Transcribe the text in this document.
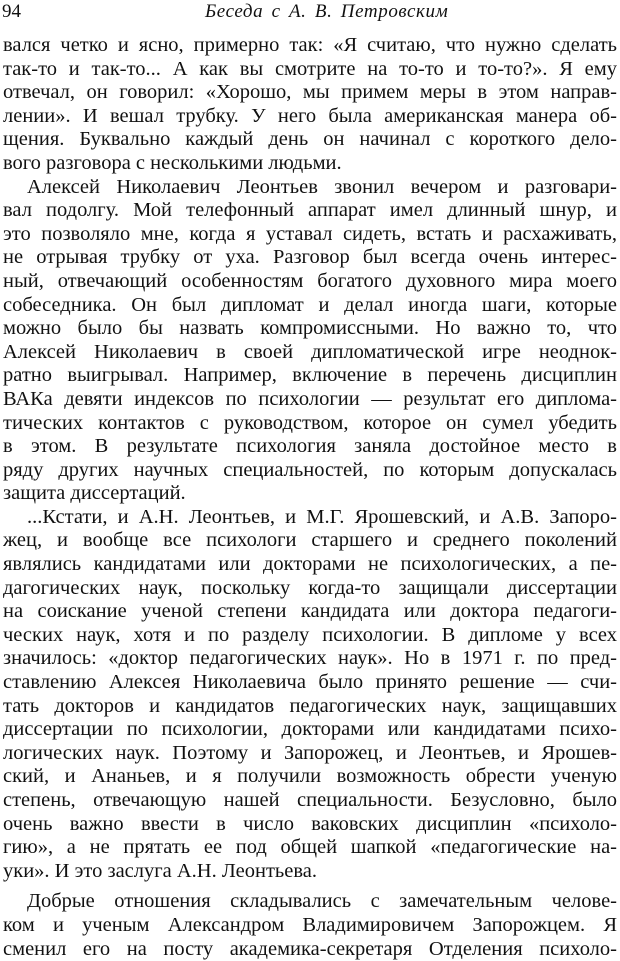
94	Беседа с А. В. Петровским
вался четко и ясно, примерно так: «Я считаю, что нужно сделать
так-то и так-то... А как вы смотрите на то-то и то-то?». Я ему
отвечал, он говорил: «Хорошо, мы примем меры в этом направ-
лении». И вешал трубку. У него была американская манера об-
щения. Буквально каждый день он начинал с короткого дело-
вого разговора с несколькими людьми.
Алексей Николаевич Леонтьев звонил вечером и разговари-
вал подолгу. Мой телефонный аппарат имел длинный шнур, и
это позволяло мне, когда я уставал сидеть, встать и расхаживать,
не отрывая трубку от уха. Разговор был всегда очень интерес-
ный, отвечающий особенностям богатого духовного мира моего
собеседника. Он был дипломат и делал иногда шаги, которые
можно было бы назвать компромиссными. Но важно то, что
Алексей Николаевич в своей дипломатической игре неоднок-
ратно выигрывал. Например, включение в перечень дисциплин
ВАКа девяти индексов по психологии — результат его диплома-
тических контактов с руководством, которое он сумел убедить
в этом. В результате психология заняла достойное место в
ряду других научных специальностей, по которым допускалась
защита диссертаций.
...Кстати, и А.Н. Леонтьев, и М.Г. Ярошевский, и А.В. Запоро-
жец, и вообще все психологи старшего и среднего поколений
являлись кандидатами или докторами не психологических, а пе-
дагогических наук, поскольку когда-то защищали диссертации
на соискание ученой степени кандидата или доктора педагоги-
ческих наук, хотя и по разделу психологии. В дипломе у всех
значилось: «доктор педагогических наук». Но в 1971 г. по пред-
ставлению Алексея Николаевича было принято решение — счи-
тать докторов и кандидатов педагогических наук, защищавших
диссертации по психологии, докторами или кандидатами психо-
логических наук. Поэтому и Запорожец, и Леонтьев, и Ярошев-
ский, и Ананьев, и я получили возможность обрести ученую
степень, отвечающую нашей специальности. Безусловно, было
очень важно ввести в число ваковских дисциплин «психоло-
гию», а не прятать ее под общей шапкой «педагогические на-
уки». И это заслуга А.Н. Леонтьева.
Добрые отношения складывались с замечательным челове-
ком и ученым Александром Владимировичем Запорожцем. Я
сменил его на посту академика-секретаря Отделения психоло-
